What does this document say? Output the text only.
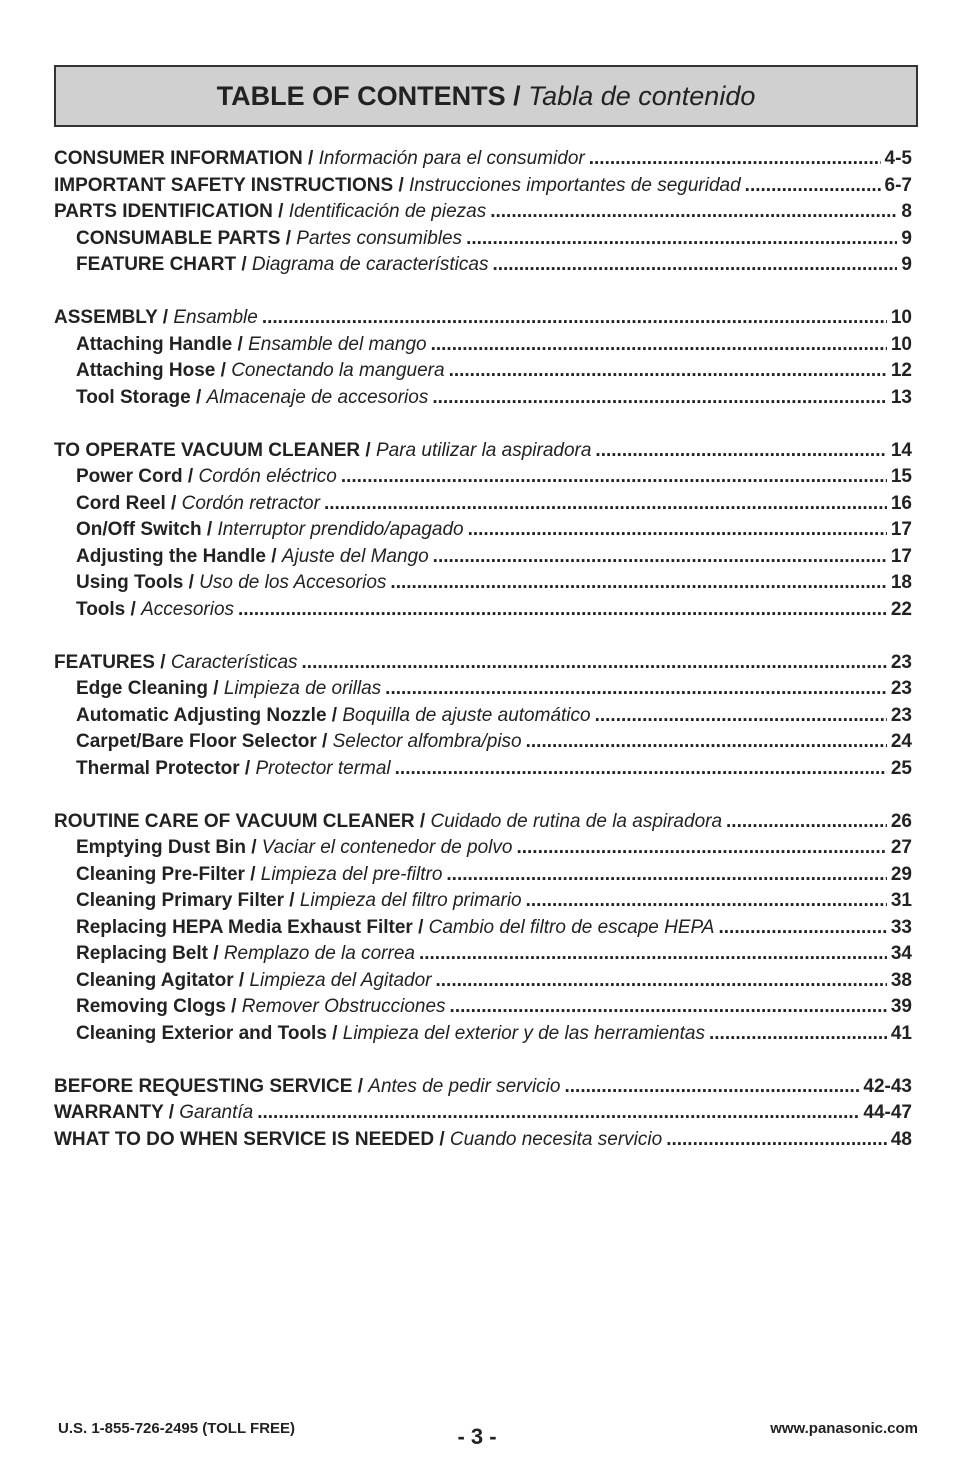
TABLE OF CONTENTS /
Tabla de contenido
CONSUMER INFORMATION / Información para el consumidor .....	4-5
IMPORTANT SAFETY INSTRUCTIONS / Instrucciones importantes de seguridad .....	6-7
PARTS IDENTIFICATION / Identificación de piezas .....	8
CONSUMABLE PARTS / Partes consumibles .....	9
FEATURE CHART / Diagrama de características .....	9
ASSEMBLY / Ensamble .....	10
Attaching Handle / Ensamble del mango .....	10
Attaching Hose / Conectando la manguera .....	12
Tool Storage / Almacenaje de accesorios .....	13
TO OPERATE VACUUM CLEANER / Para utilizar la aspiradora .....	14
Power Cord / Cordón eléctrico .....	15
Cord Reel / Cordón retractor .....	16
On/Off Switch / Interruptor prendido/apagado .....	17
Adjusting the Handle / Ajuste del Mango .....	17
Using Tools / Uso de los Accesorios .....	18
Tools / Accesorios .....	22
FEATURES / Características .....	23
Edge Cleaning / Limpieza de orillas .....	23
Automatic Adjusting Nozzle / Boquilla de ajuste automático .....	23
Carpet/Bare Floor Selector / Selector alfombra/piso .....	24
Thermal Protector / Protector termal .....	25
ROUTINE CARE OF VACUUM CLEANER / Cuidado de rutina de la aspiradora .....	26
Emptying Dust Bin / Vaciar el contenedor de polvo .....	27
Cleaning Pre-Filter / Limpieza del pre-filtro .....	29
Cleaning Primary Filter / Limpieza del filtro primario .....	31
Replacing HEPA Media Exhaust Filter / Cambio del filtro de escape HEPA .....	33
Replacing Belt / Remplazo de la correa .....	34
Cleaning Agitator / Limpieza del Agitador .....	38
Removing Clogs / Remover Obstrucciones .....	39
Cleaning Exterior and Tools / Limpieza del exterior y de las herramientas .....	41
BEFORE REQUESTING SERVICE / Antes de pedir servicio .....	42-43
WARRANTY / Garantía .....	44-47
WHAT TO DO WHEN SERVICE IS NEEDED / Cuando necesita servicio .....	48
U.S. 1-855-726-2495 (TOLL FREE)	- 3 -	www.panasonic.com
